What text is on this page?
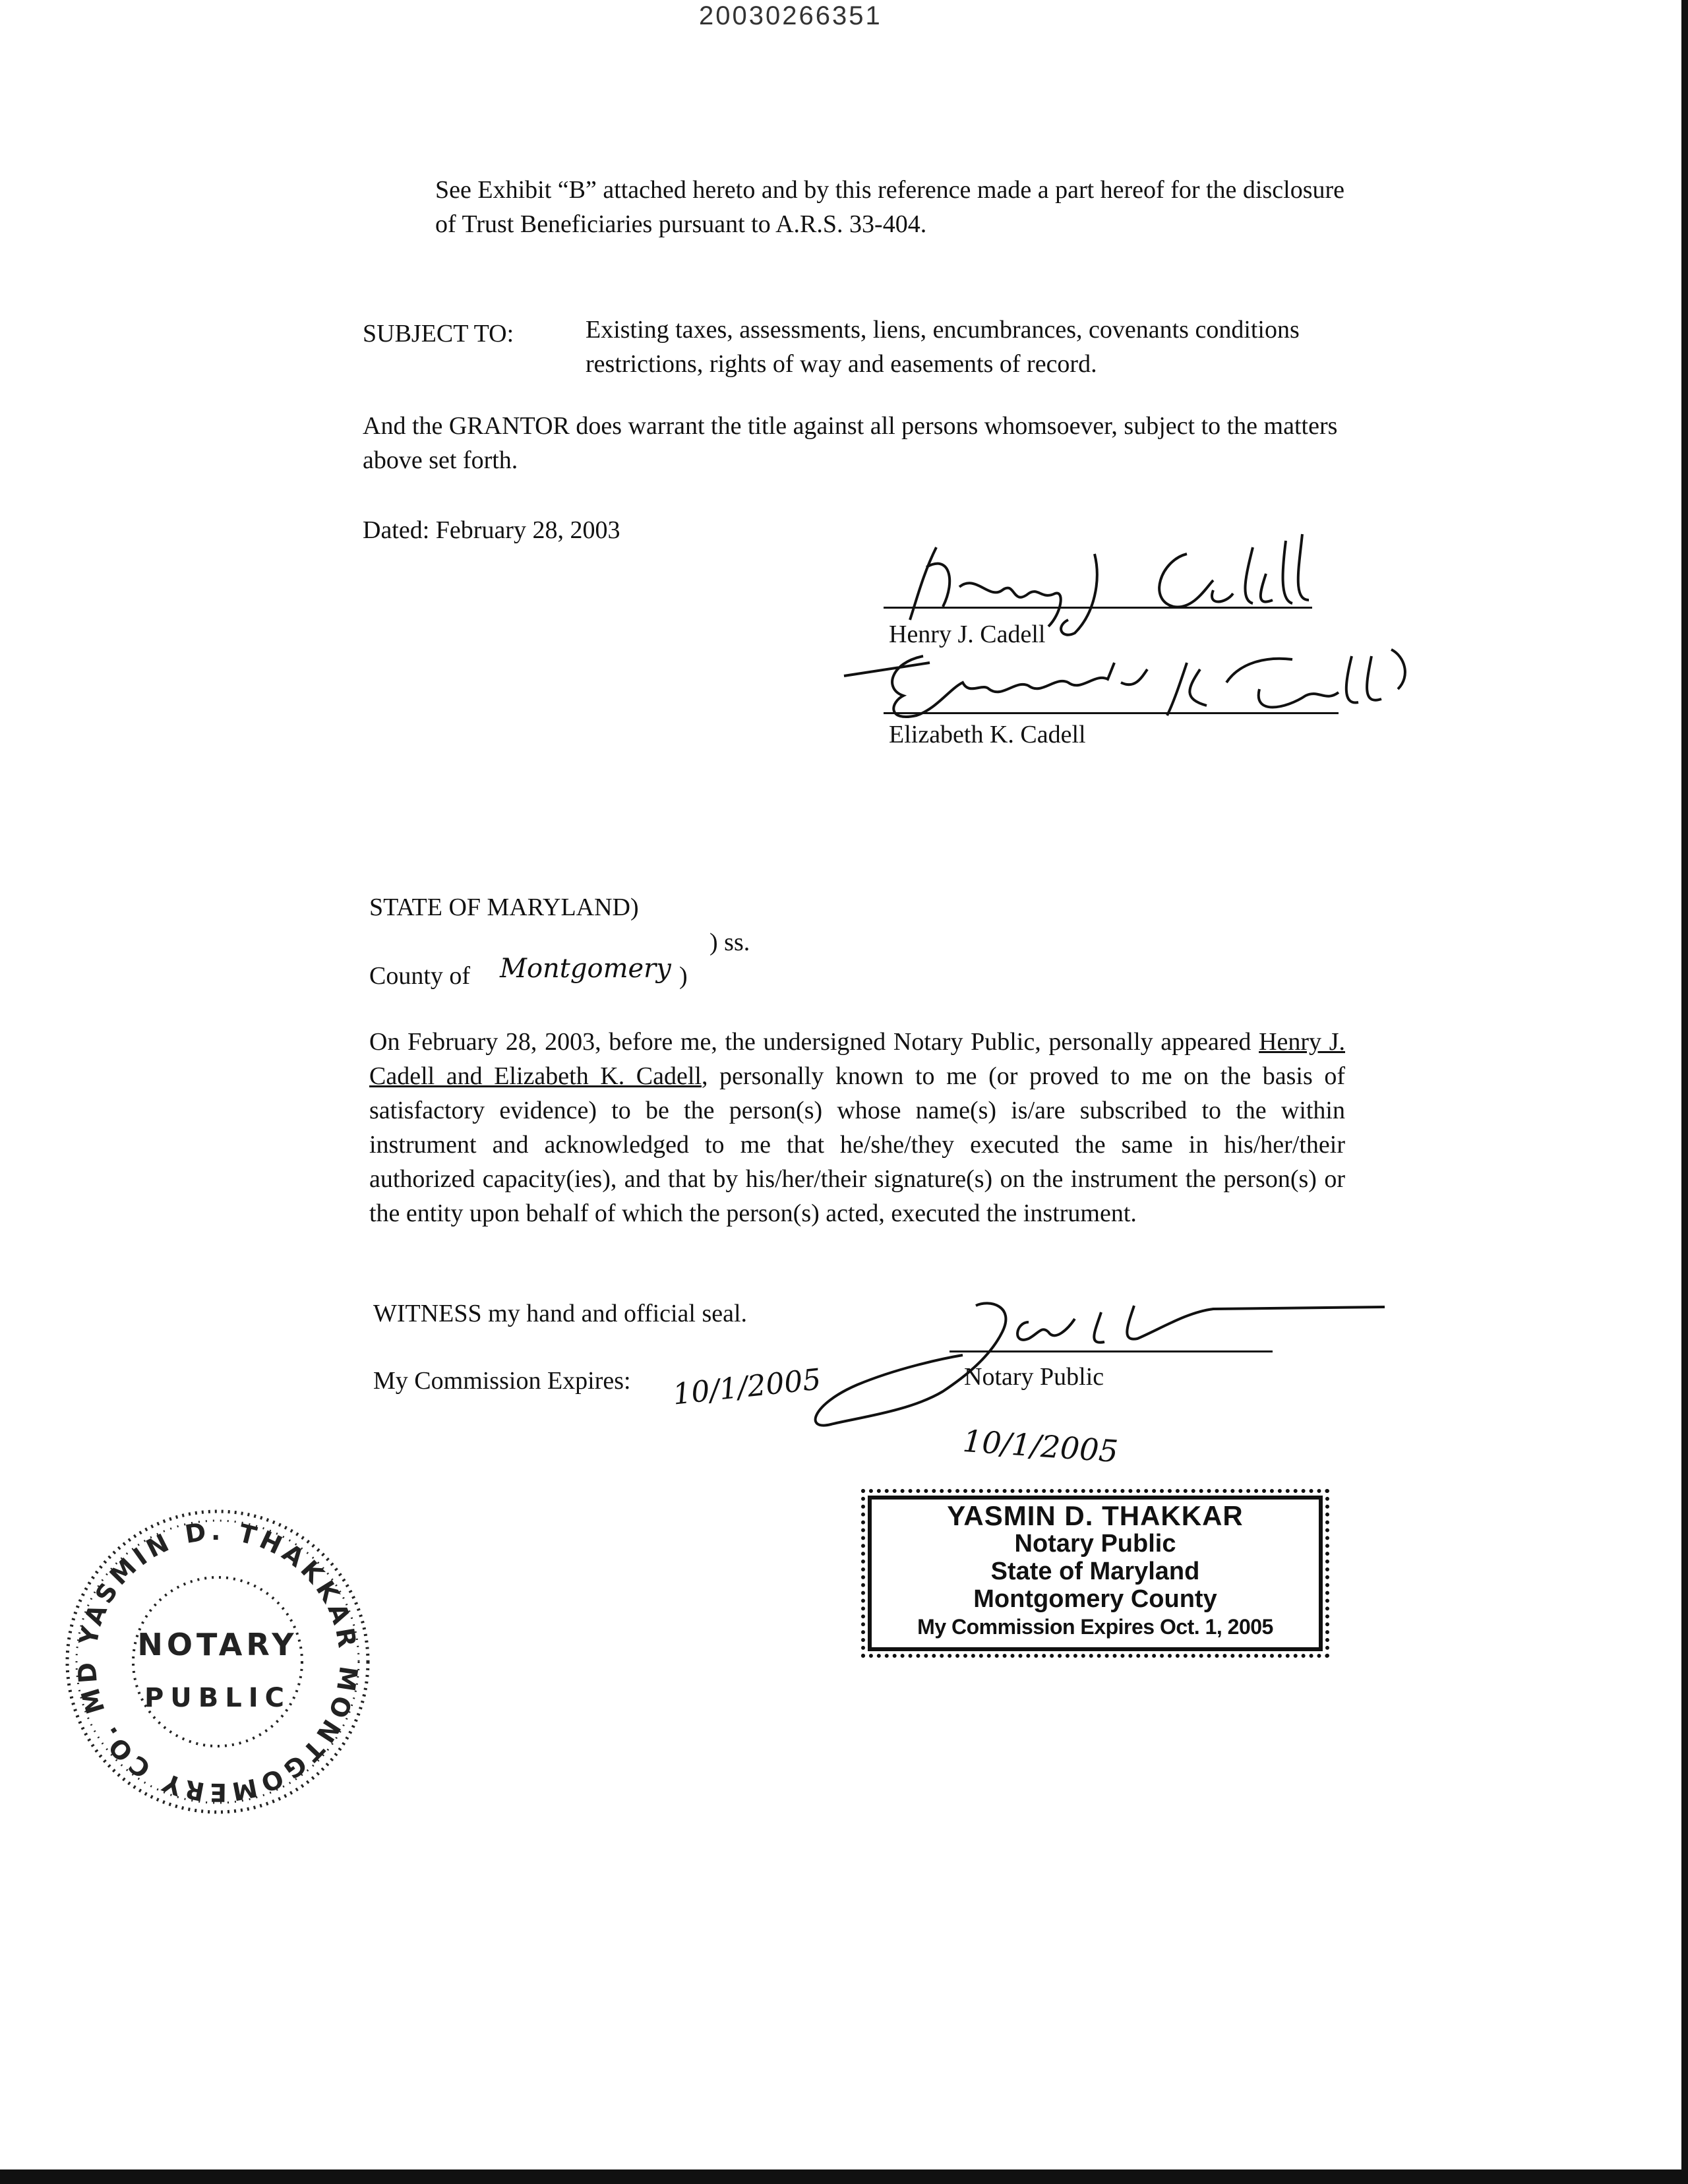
20030266351
See Exhibit “B” attached hereto and by this reference made a part hereof for the disclosure of Trust Beneficiaries pursuant to A.R.S. 33-404.
SUBJECT TO:	Existing taxes, assessments, liens, encumbrances, covenants conditions restrictions, rights of way and easements of record.
And the GRANTOR does warrant the title against all persons whomsoever, subject to the matters above set forth.
Dated: February 28, 2003
Henry J. Cadell
Elizabeth K. Cadell
STATE OF MARYLAND)
) ss.
County of Montgomery )
On February 28, 2003, before me, the undersigned Notary Public, personally appeared Henry J. Cadell and Elizabeth K. Cadell, personally known to me (or proved to me on the basis of satisfactory evidence) to be the person(s) whose name(s) is/are subscribed to the within instrument and acknowledged to me that he/she/they executed the same in his/her/their authorized capacity(ies), and that by his/her/their signature(s) on the instrument the person(s) or the entity upon behalf of which the person(s) acted, executed the instrument.
WITNESS my hand and official seal.
My Commission Expires: 10/1/2005	Notary Public
10/1/2005
YASMIN D. THAKKAR
Notary Public
State of Maryland
Montgomery County
My Commission Expires Oct. 1, 2005
YASMIN D. THAKKAR MONTGOMERY CO. MD
NOTARY
PUBLIC
